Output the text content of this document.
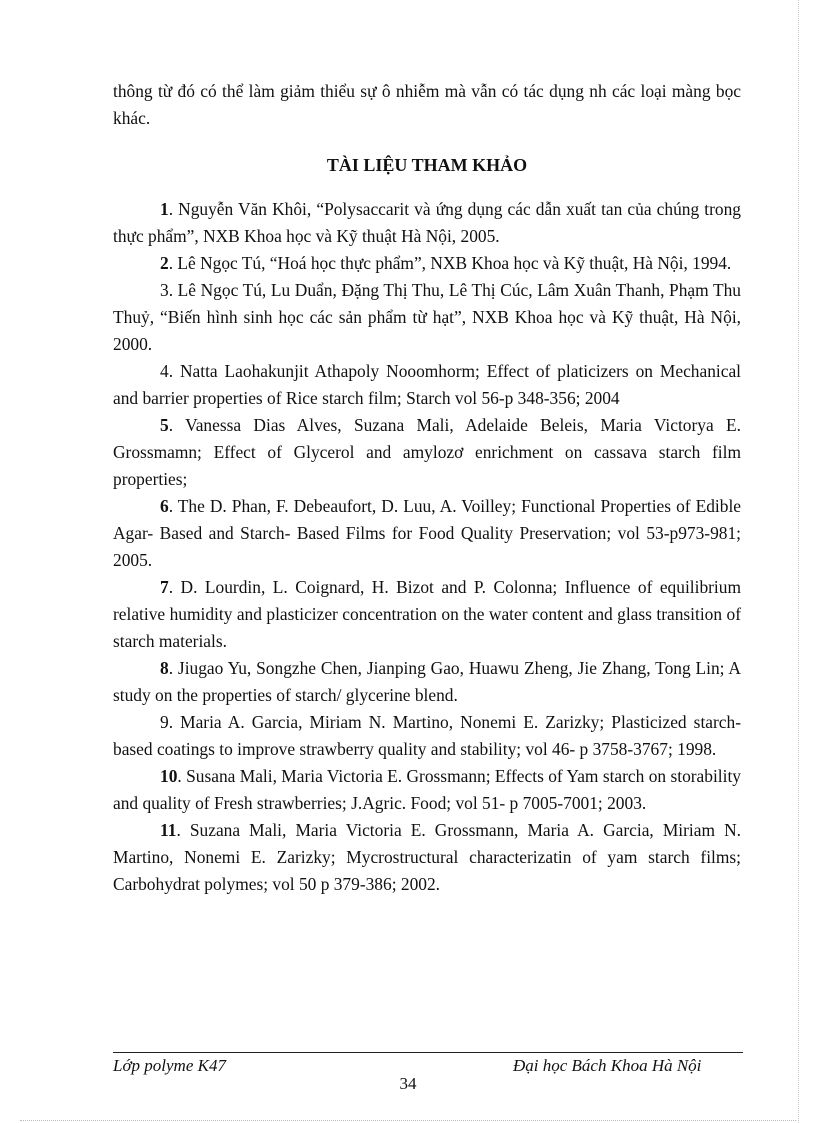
thông từ đó có thể làm giảm thiểu sự ô nhiễm mà vẫn có tác dụng nh các loại màng bọc khác.

TÀI LIỆU THAM KHẢO

1. Nguyễn Văn Khôi, “Polysaccarit và ứng dụng các dẫn xuất tan của chúng trong thực phẩm”, NXB Khoa học và Kỹ thuật Hà Nội, 2005.

2. Lê Ngọc Tú, “Hoá học thực phẩm”, NXB Khoa học và Kỹ thuật, Hà Nội, 1994.

3. Lê Ngọc Tú, Lu Duẩn, Đặng Thị Thu, Lê Thị Cúc, Lâm Xuân Thanh, Phạm Thu Thuỷ, “Biến hình sinh học các sản phẩm từ hạt”, NXB Khoa học và Kỹ thuật, Hà Nội, 2000.

4. Natta Laohakunjit Athapoly Nooomhorm; Effect of platicizers on Mechanical and barrier properties of Rice starch film; Starch vol 56-p 348-356; 2004

5. Vanessa Dias Alves, Suzana Mali, Adelaide Beleis, Maria Victorya E. Grossmamn; Effect of Glycerol and amylozơ enrichment on cassava starch film properties;

6. The D. Phan, F. Debeaufort, D. Luu, A. Voilley; Functional Properties of Edible Agar- Based and Starch- Based Films for Food Quality Preservation; vol 53-p973-981; 2005.

7. D. Lourdin, L. Coignard, H. Bizot and P. Colonna; Influence of equilibrium relative humidity and plasticizer concentration on the water content and glass transition of starch materials.

8. Jiugao Yu, Songzhe Chen, Jianping Gao, Huawu Zheng, Jie Zhang, Tong Lin; A study on the properties of starch/ glycerine blend.

9. Maria A. Garcia, Miriam N. Martino, Nonemi E. Zarizky; Plasticized starch- based coatings to improve strawberry quality and stability; vol 46- p 3758-3767; 1998.

10. Susana Mali, Maria Victoria E. Grossmann; Effects of Yam starch on storability and quality of Fresh strawberries; J.Agric. Food; vol 51- p 7005-7001; 2003.

11. Suzana Mali, Maria Victoria E. Grossmann, Maria A. Garcia, Miriam N. Martino, Nonemi E. Zarizky; Mycrostructural characterizatin of yam starch films; Carbohydrat polymes; vol 50 p 379-386; 2002.

Lớp polyme K47	Đại học Bách Khoa Hà Nội
34
